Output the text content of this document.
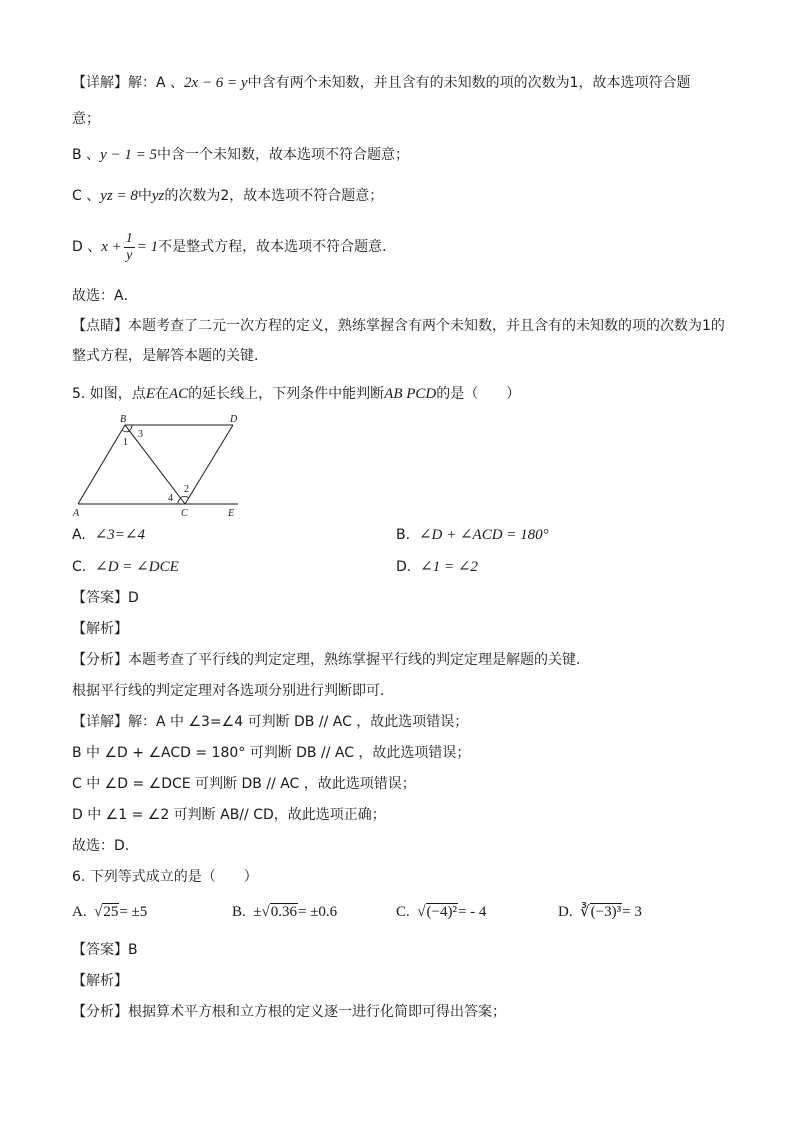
【详解】解：A 、2x − 6 = y中含有两个未知数，并且含有的未知数的项的次数为1，故本选项符合题
意；
B 、y − 1 = 5中含一个未知数，故本选项不符合题意；
C 、yz = 8中yz的次数为2，故本选项不符合题意；
D 、$x + \frac{1}{y} = 1$不是整式方程，故本选项不符合题意．
故选：A．
【点睛】本题考查了二元一次方程的定义，熟练掌握含有两个未知数，并且含有的未知数的项的次数为1的
整式方程，是解答本题的关键．
5. 如图，点E在AC的延长线上，下列条件中能判断AB PCD的是（　　）
B	D
3
1
2
4
A	C	E
A. ∠3=∠4	B. ∠D + ∠ACD = 180°
C. ∠D = ∠DCE	D. ∠1 = ∠2
【答案】D
【解析】
【分析】本题考查了平行线的判定定理，熟练掌握平行线的判定定理是解题的关键．
根据平行线的判定定理对各选项分别进行判断即可．
【详解】解：A 中 ∠3=∠4 可判断 DB // AC ，故此选项错误；
B 中 ∠D + ∠ACD = 180° 可判断 DB // AC ，故此选项错误；
C 中 ∠D = ∠DCE 可判断 DB // AC ，故此选项错误；
D 中 ∠1 = ∠2 可判断 AB// CD，故此选项正确；
故选：D．
6. 下列等式成立的是（　　）
A. √25= ±5	B. ±√0.36= ±0.6	C. √(−4)²= - 4	D. ∛(−3)³= 3
【答案】B
【解析】
【分析】根据算术平方根和立方根的定义逐一进行化简即可得出答案；
